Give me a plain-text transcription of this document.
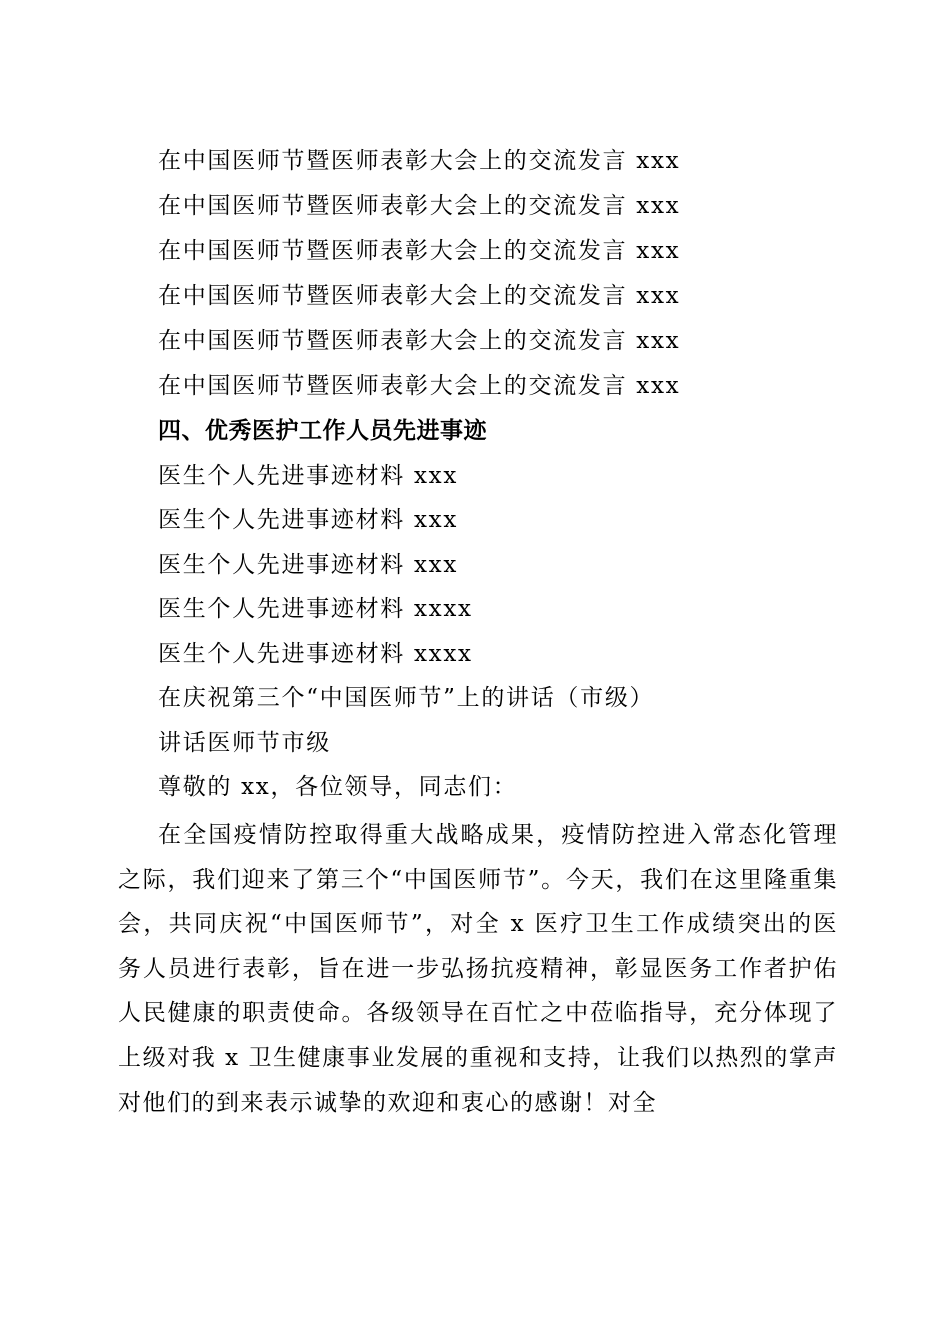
在中国医师节暨医师表彰大会上的交流发言 xxx
在中国医师节暨医师表彰大会上的交流发言 xxx
在中国医师节暨医师表彰大会上的交流发言 xxx
在中国医师节暨医师表彰大会上的交流发言 xxx
在中国医师节暨医师表彰大会上的交流发言 xxx
在中国医师节暨医师表彰大会上的交流发言 xxx
四、优秀医护工作人员先进事迹
医生个人先进事迹材料 xxx
医生个人先进事迹材料 xxx
医生个人先进事迹材料 xxx
医生个人先进事迹材料 xxxx
医生个人先进事迹材料 xxxx
在庆祝第三个“中国医师节”上的讲话（市级）
讲话医师节市级
尊敬的 xx，各位领导，同志们：
在全国疫情防控取得重大战略成果，疫情防控进入常态化管理之际，我们迎来了第三个“中国医师节”。今天，我们在这里隆重集会，共同庆祝“中国医师节”，对全 x 医疗卫生工作成绩突出的医务人员进行表彰，旨在进一步弘扬抗疫精神，彰显医务工作者护佑人民健康的职责使命。各级领导在百忙之中莅临指导，充分体现了上级对我 x 卫生健康事业发展的重视和支持，让我们以热烈的掌声对他们的到来表示诚挚的欢迎和衷心的感谢！对全
